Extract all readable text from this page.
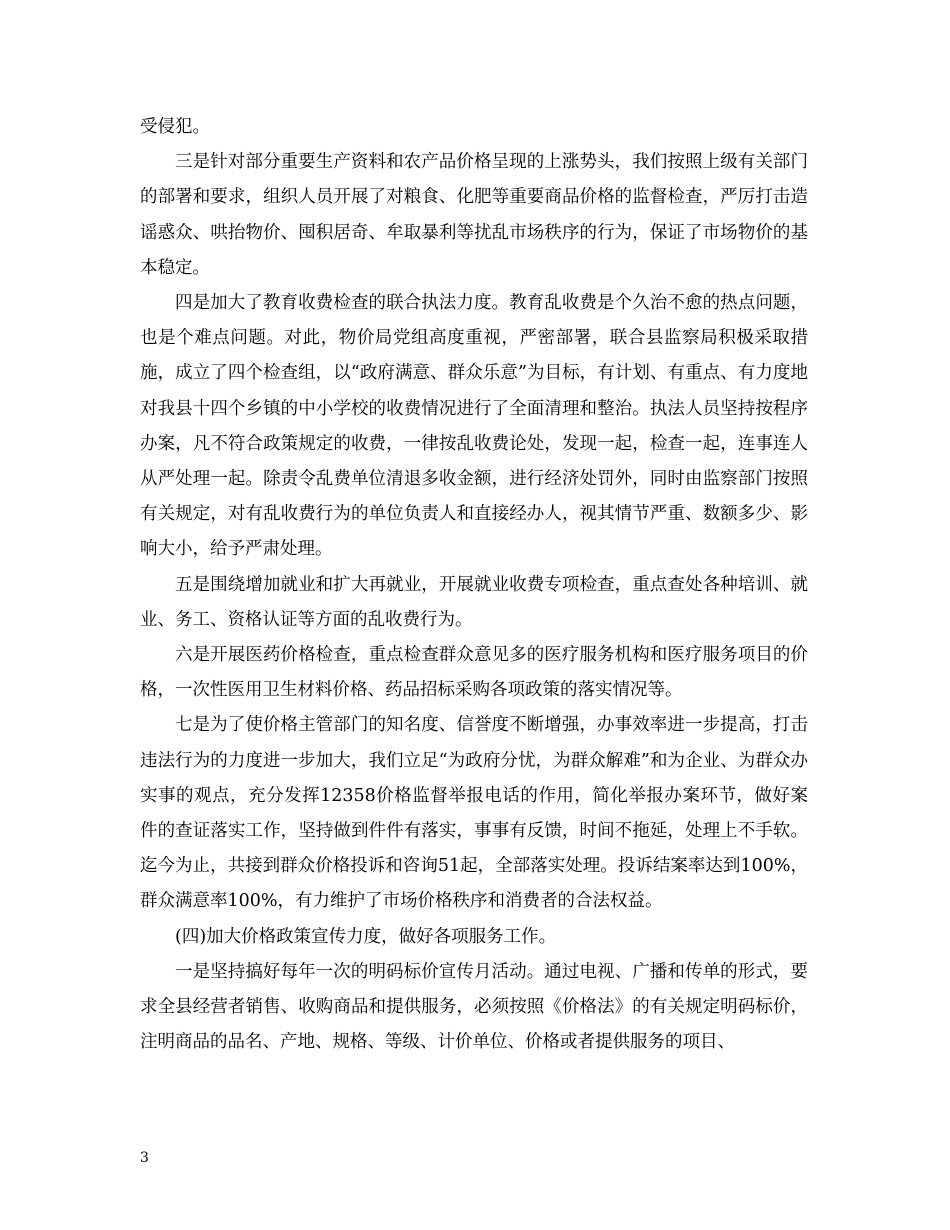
受侵犯。

三是针对部分重要生产资料和农产品价格呈现的上涨势头，我们按照上级有关部门的部署和要求，组织人员开展了对粮食、化肥等重要商品价格的监督检查，严厉打击造谣惑众、哄抬物价、囤积居奇、牟取暴利等扰乱市场秩序的行为，保证了市场物价的基本稳定。

四是加大了教育收费检查的联合执法力度。教育乱收费是个久治不愈的热点问题，也是个难点问题。对此，物价局党组高度重视，严密部署，联合县监察局积极采取措施，成立了四个检查组，以“政府满意、群众乐意”为目标，有计划、有重点、有力度地对我县十四个乡镇的中小学校的收费情况进行了全面清理和整治。执法人员坚持按程序办案，凡不符合政策规定的收费，一律按乱收费论处，发现一起，检查一起，连事连人从严处理一起。除责令乱费单位清退多收金额，进行经济处罚外，同时由监察部门按照有关规定，对有乱收费行为的单位负责人和直接经办人，视其情节严重、数额多少、影响大小，给予严肃处理。

五是围绕增加就业和扩大再就业，开展就业收费专项检查，重点查处各种培训、就业、务工、资格认证等方面的乱收费行为。

六是开展医药价格检查，重点检查群众意见多的医疗服务机构和医疗服务项目的价格，一次性医用卫生材料价格、药品招标采购各项政策的落实情况等。

七是为了使价格主管部门的知名度、信誉度不断增强，办事效率进一步提高，打击违法行为的力度进一步加大，我们立足“为政府分忧，为群众解难”和为企业、为群众办实事的观点，充分发挥12358价格监督举报电话的作用，简化举报办案环节，做好案件的查证落实工作，坚持做到件件有落实，事事有反馈，时间不拖延，处理上不手软。迄今为止，共接到群众价格投诉和咨询51起，全部落实处理。投诉结案率达到100%，群众满意率100%，有力维护了市场价格秩序和消费者的合法权益。

(四)加大价格政策宣传力度，做好各项服务工作。

一是坚持搞好每年一次的明码标价宣传月活动。通过电视、广播和传单的形式，要求全县经营者销售、收购商品和提供服务，必须按照《价格法》的有关规定明码标价，注明商品的品名、产地、规格、等级、计价单位、价格或者提供服务的项目、

3
